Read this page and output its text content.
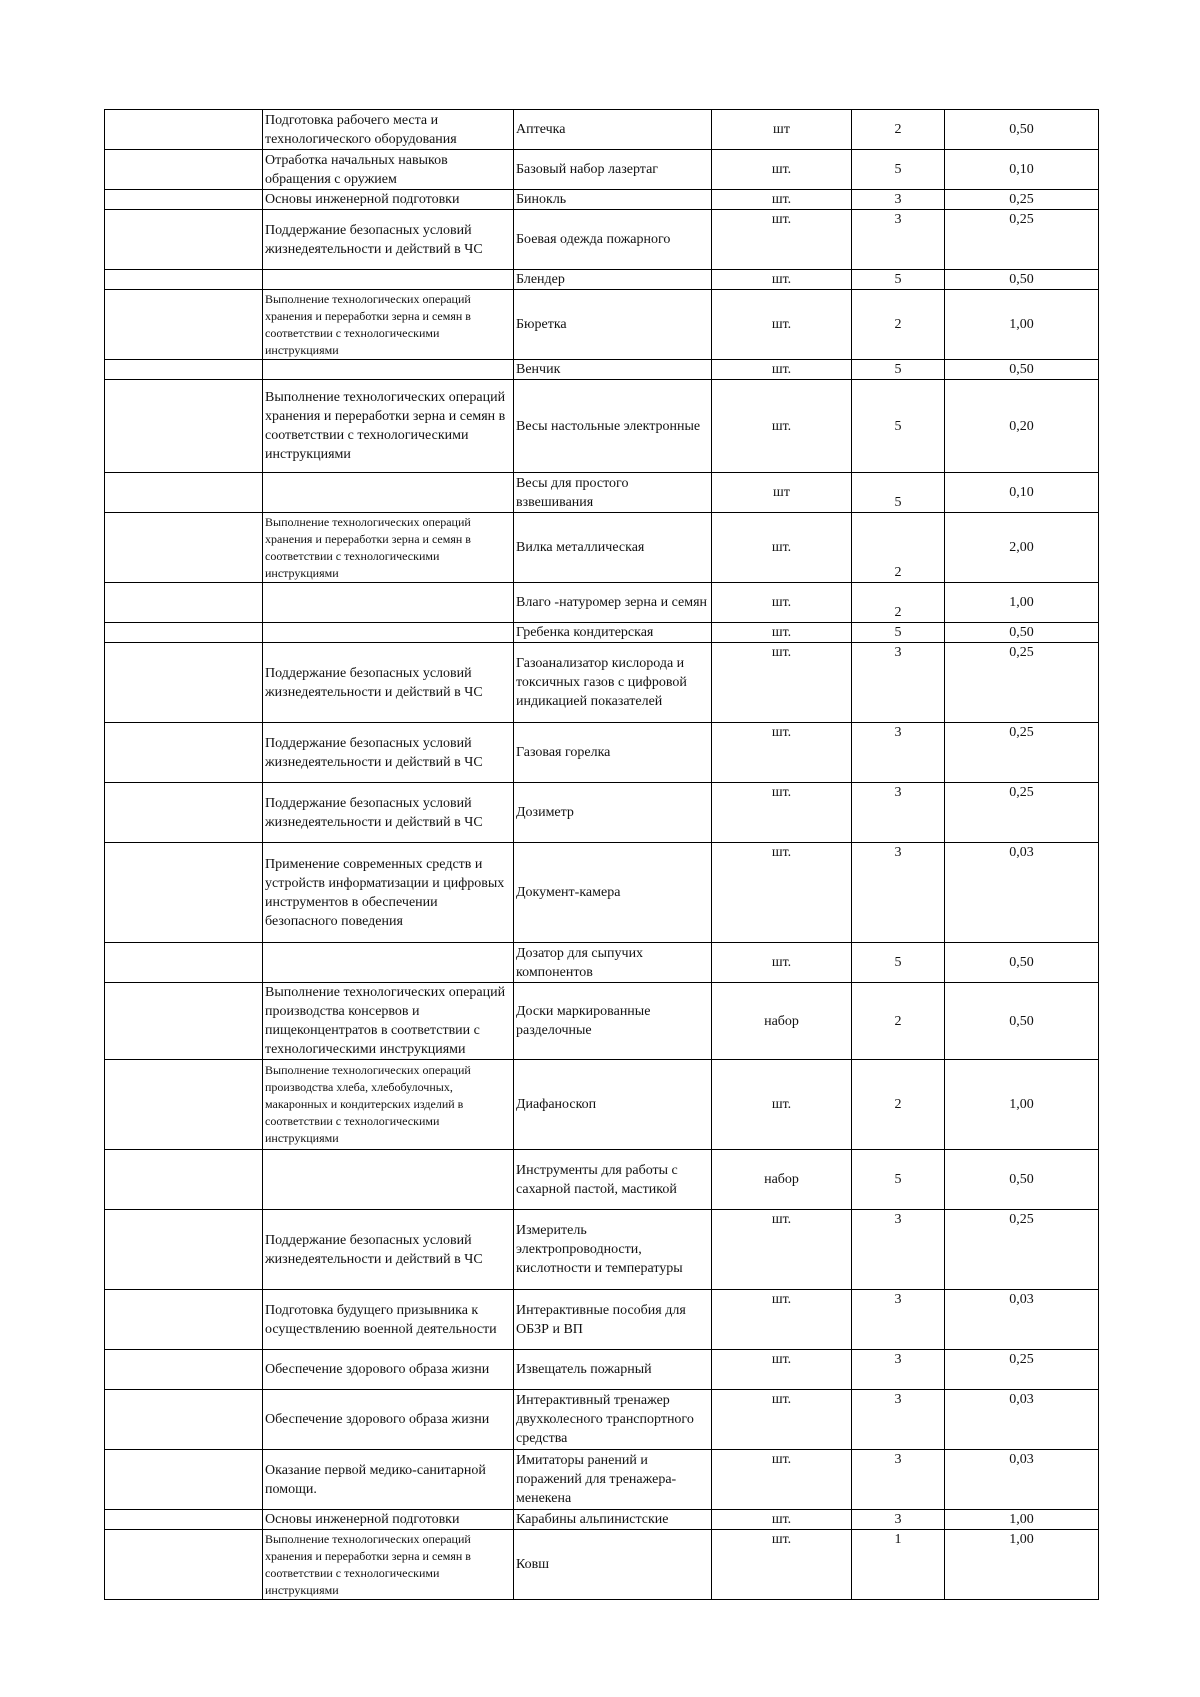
	Подготовка рабочего места и технологического оборудования	Аптечка	шт	2	0,50
	Отработка начальных навыков обращения с оружием	Базовый набор лазертаг	шт.	5	0,10
	Основы инженерной подготовки	Бинокль	шт.	3	0,25
	Поддержание безопасных условий жизнедеятельности и действий в ЧС	Боевая одежда пожарного	шт.	3	0,25
		Блендер	шт.	5	0,50
	Выполнение технологических операций хранения и переработки зерна и семян в соответствии с технологическими инструкциями	Бюретка	шт.	2	1,00
		Венчик	шт.	5	0,50
	Выполнение технологических операций хранения и переработки зерна и семян в соответствии с технологическими инструкциями	Весы настольные электронные	шт.	5	0,20
		Весы для простого взвешивания	шт	5	0,10
	Выполнение технологических операций хранения и переработки зерна и семян в соответствии с технологическими инструкциями	Вилка металлическая	шт.	2	2,00
		Влаго -натуромер зерна и семян	шт.	2	1,00
		Гребенка кондитерская	шт.	5	0,50
	Поддержание безопасных условий жизнедеятельности и действий в ЧС	Газоанализатор кислорода и токсичных газов с цифровой индикацией показателей	шт.	3	0,25
	Поддержание безопасных условий жизнедеятельности и действий в ЧС	Газовая горелка	шт.	3	0,25
	Поддержание безопасных условий жизнедеятельности и действий в ЧС	Дозиметр	шт.	3	0,25
	Применение современных средств и устройств информатизации и цифровых инструментов в обеспечении безопасного поведения	Документ-камера	шт.	3	0,03
		Дозатор для сыпучих компонентов	шт.	5	0,50
	Выполнение технологических операций производства консервов и пищеконцентратов в соответствии с технологическими инструкциями	Доски маркированные разделочные	набор	2	0,50
	Выполнение технологических операций производства хлеба, хлебобулочных, макаронных и кондитерских изделий в соответствии с технологическими инструкциями	Диафаноскоп	шт.	2	1,00
		Инструменты для работы с сахарной пастой, мастикой	набор	5	0,50
	Поддержание безопасных условий жизнедеятельности и действий в ЧС	Измеритель электропроводности, кислотности и температуры	шт.	3	0,25
	Подготовка будущего призывника к осуществлению военной деятельности	Интерактивные пособия для ОБЗР и ВП	шт.	3	0,03
	Обеспечение здорового образа жизни	Извещатель пожарный	шт.	3	0,25
	Обеспечение здорового образа жизни	Интерактивный тренажер двухколесного транспортного средства	шт.	3	0,03
	Оказание первой медико-санитарной помощи.	Имитаторы ранений и поражений для тренажера-менекена	шт.	3	0,03
	Основы инженерной подготовки	Карабины альпинистские	шт.	3	1,00
	Выполнение технологических операций хранения и переработки зерна и семян в соответствии с технологическими инструкциями	Ковш	шт.	1	1,00
